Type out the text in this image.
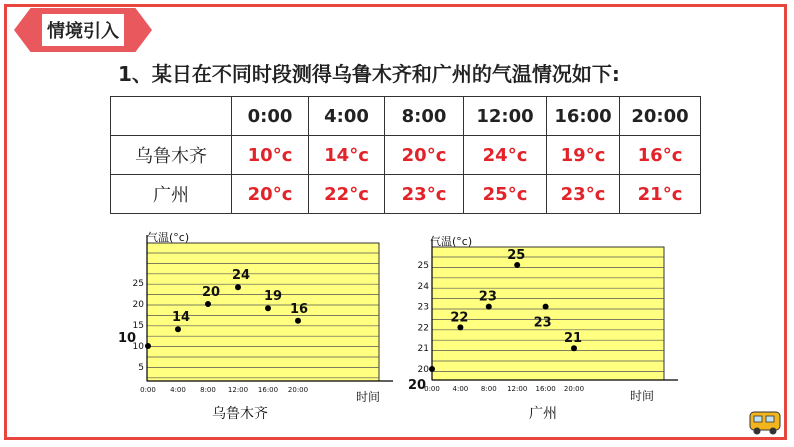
情境引入
1、某日在不同时段测得乌鲁木齐和广州的气温情况如下:
	0:00	4:00	8:00	12:00	16:00	20:00
乌鲁木齐	10°c	14°c	20°c	24°c	19°c	16°c
广州	20°c	22°c	23°c	25°c	23°c	21°c
5
10
15
20
25
0:00 4:00 8:00 12:00 16:00 20:00
气温(°c)
时间
乌鲁木齐
10
14
20
24
19
16
20
21
22
23
24
25
0:00 4:00 8:00 12:00 16:00 20:00
气温(°c)
时间
广州
20
22
23
25
23
21
